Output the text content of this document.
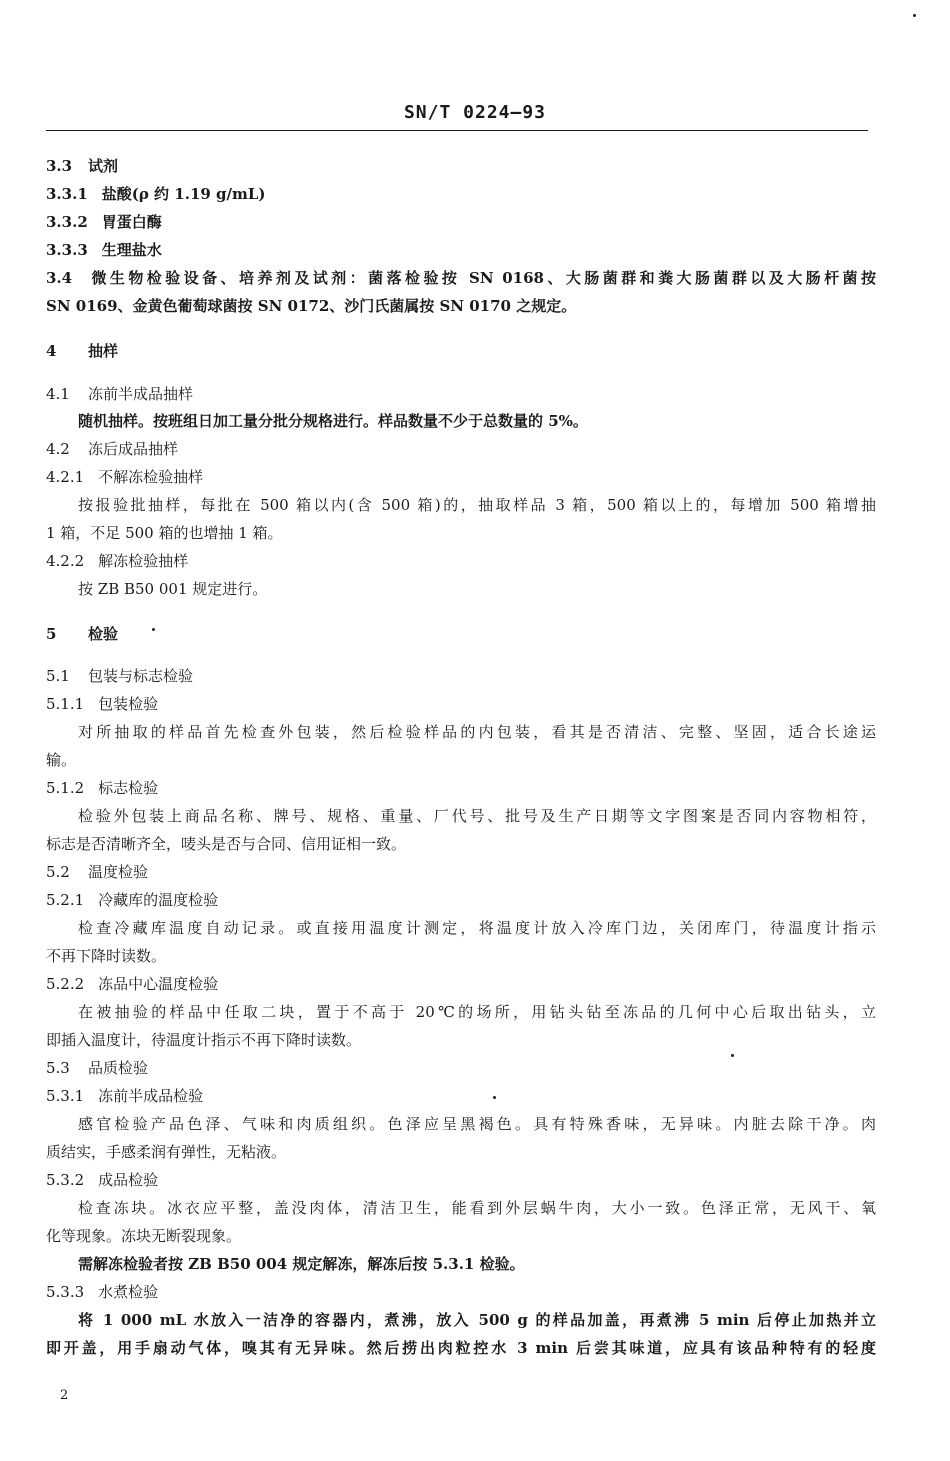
SN/T 0224—93
3.3 试剂
3.3.1 盐酸(ρ 约 1.19 g/mL)
3.3.2 胃蛋白酶
3.3.3 生理盐水
3.4 微生物检验设备、培养剂及试剂：菌落检验按 SN 0168、大肠菌群和粪大肠菌群以及大肠杆菌按
SN 0169、金黄色葡萄球菌按 SN 0172、沙门氏菌属按 SN 0170 之规定。
4 抽样
4.1 冻前半成品抽样
随机抽样。按班组日加工量分批分规格进行。样品数量不少于总数量的 5%。
4.2 冻后成品抽样
4.2.1 不解冻检验抽样
按报验批抽样，每批在 500 箱以内(含 500 箱)的，抽取样品 3 箱，500 箱以上的，每增加 500 箱增抽
1 箱，不足 500 箱的也增抽 1 箱。
4.2.2 解冻检验抽样
按 ZB B50 001 规定进行。
5 检验
5.1 包装与标志检验
5.1.1 包装检验
对所抽取的样品首先检查外包装，然后检验样品的内包装，看其是否清洁、完整、坚固，适合长途运
输。
5.1.2 标志检验
检验外包装上商品名称、牌号、规格、重量、厂代号、批号及生产日期等文字图案是否同内容物相符，
标志是否清晰齐全，唛头是否与合同、信用证相一致。
5.2 温度检验
5.2.1 冷藏库的温度检验
检查冷藏库温度自动记录。或直接用温度计测定，将温度计放入冷库门边，关闭库门，待温度计指示
不再下降时读数。
5.2.2 冻品中心温度检验
在被抽验的样品中任取二块，置于不高于 20℃的场所，用钻头钻至冻品的几何中心后取出钻头，立
即插入温度计，待温度计指示不再下降时读数。
5.3 品质检验
5.3.1 冻前半成品检验
感官检验产品色泽、气味和肉质组织。色泽应呈黑褐色。具有特殊香味，无异味。内脏去除干净。肉
质结实，手感柔润有弹性，无粘液。
5.3.2 成品检验
检查冻块。冰衣应平整，盖没肉体，清洁卫生，能看到外层蜗牛肉，大小一致。色泽正常，无风干、氧
化等现象。冻块无断裂现象。
需解冻检验者按 ZB B50 004 规定解冻，解冻后按 5.3.1 检验。
5.3.3 水煮检验
将 1 000 mL 水放入一洁净的容器内，煮沸，放入 500 g 的样品加盖，再煮沸 5 min 后停止加热并立
即开盖，用手扇动气体，嗅其有无异味。然后捞出肉粒控水 3 min 后尝其味道，应具有该品种特有的轻度
2
